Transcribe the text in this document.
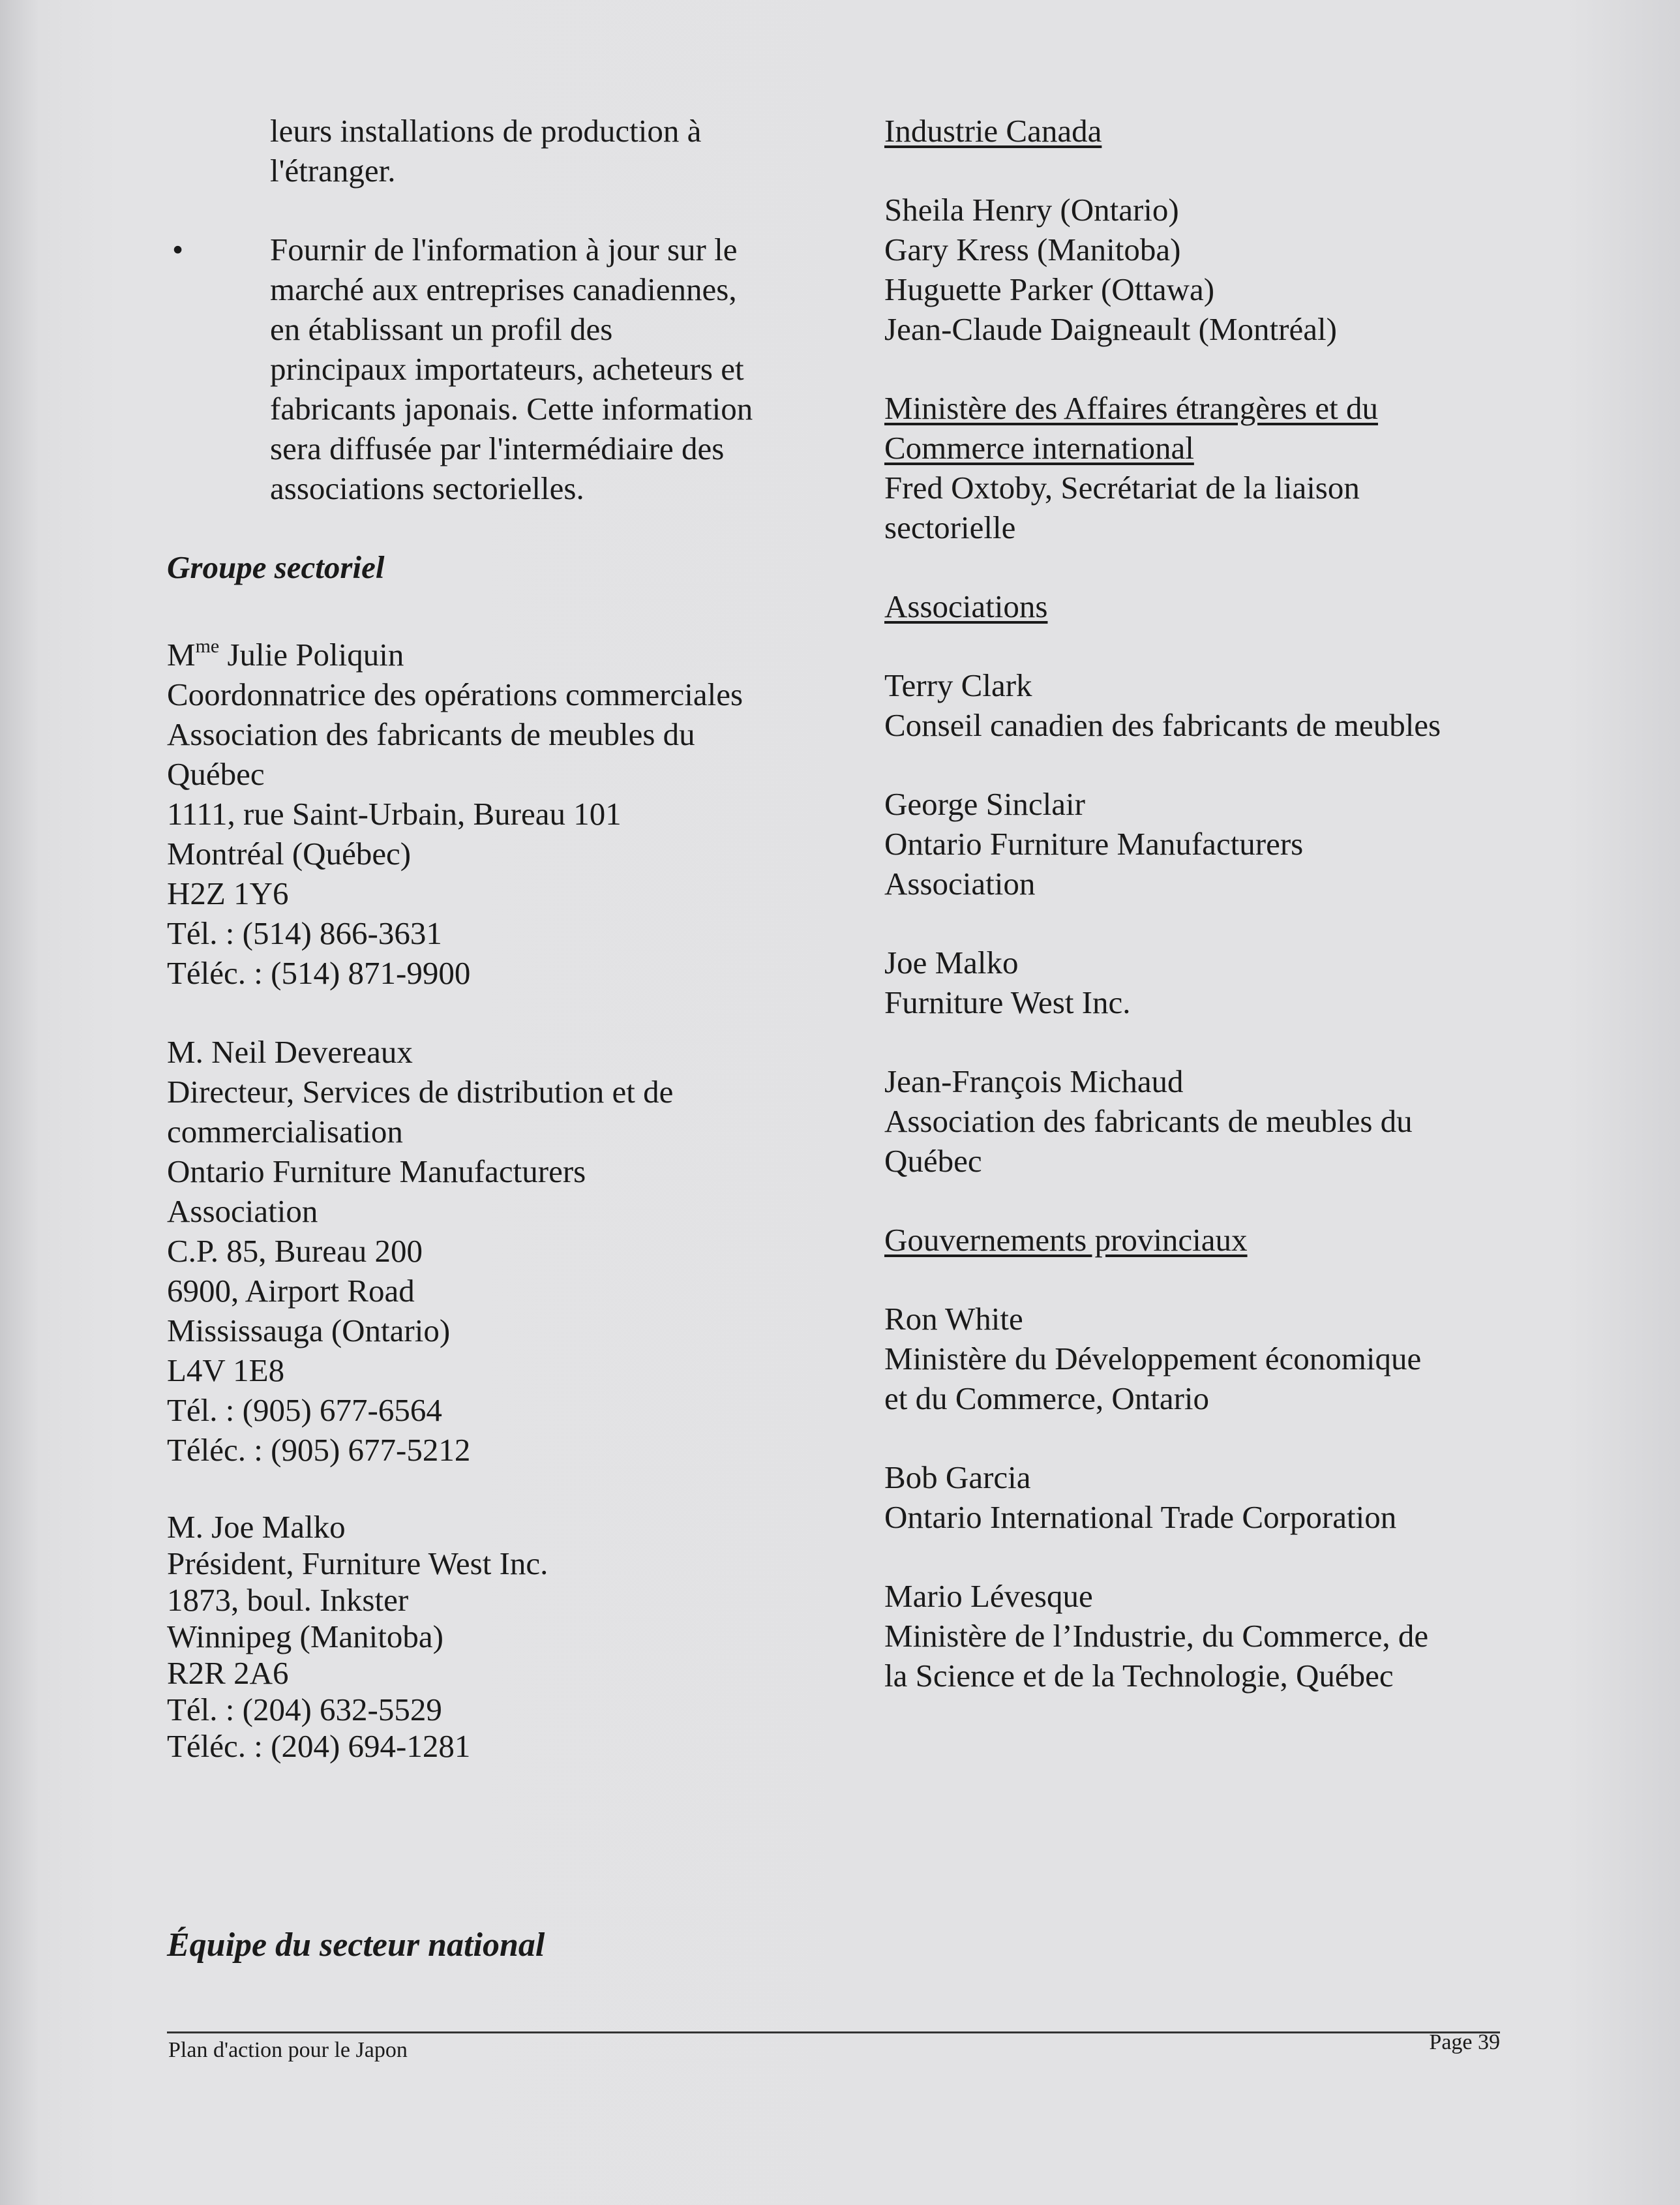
leurs installations de production à

l'étranger.

•	Fournir de l'information à jour sur le

marché aux entreprises canadiennes,

en établissant un profil des

principaux importateurs, acheteurs et

fabricants japonais. Cette information

sera diffusée par l'intermédiaire des

associations sectorielles.

Groupe sectoriel

$M^{me}$ Julie Poliquin

Coordonnatrice des opérations commerciales

Association des fabricants de meubles du

Québec

1111, rue Saint-Urbain, Bureau 101

Montréal (Québec)

H2Z 1Y6

Tél. : (514) 866-3631

Téléc. : (514) 871-9900

M. Neil Devereaux

Directeur, Services de distribution et de

commercialisation

Ontario Furniture Manufacturers

Association

C.P. 85, Bureau 200

6900, Airport Road

Mississauga (Ontario)

L4V 1E8

Tél. : (905) 677-6564

Téléc. : (905) 677-5212

M. Joe Malko

Président, Furniture West Inc.

1873, boul. Inkster

Winnipeg (Manitoba)

R2R 2A6

Tél. : (204) 632-5529

Téléc. : (204) 694-1281

Industrie Canada

Sheila Henry (Ontario)

Gary Kress (Manitoba)

Huguette Parker (Ottawa)

Jean-Claude Daigneault (Montréal)

Ministère des Affaires étrangères et du

Commerce international

Fred Oxtoby, Secrétariat de la liaison

sectorielle

Associations

Terry Clark

Conseil canadien des fabricants de meubles

George Sinclair

Ontario Furniture Manufacturers

Association

Joe Malko

Furniture West Inc.

Jean-François Michaud

Association des fabricants de meubles du

Québec

Gouvernements provinciaux

Ron White

Ministère du Développement économique

et du Commerce, Ontario

Bob Garcia

Ontario International Trade Corporation

Mario Lévesque

Ministère de l’Industrie, du Commerce, de

la Science et de la Technologie, Québec

Équipe du secteur national
Plan d'action pour le Japon	Page 39
